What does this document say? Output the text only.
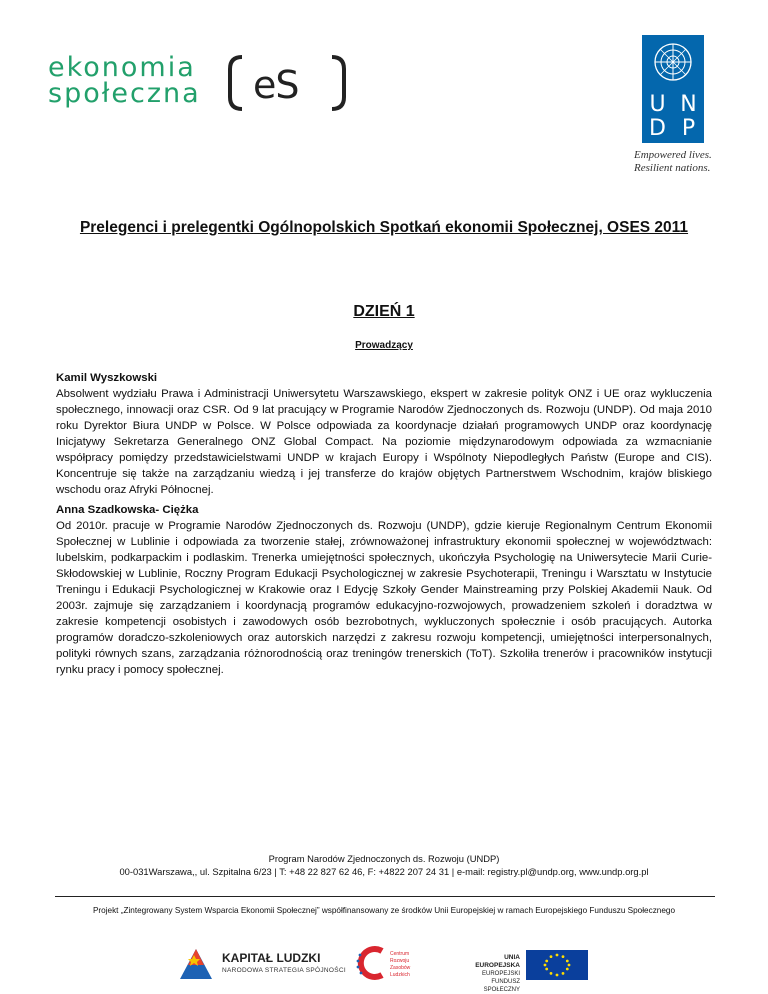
ekonomia
społeczna eS	U N
D P
Empowered lives.
Resilient nations.
Prelegenci i prelegentki Ogólnopolskich Spotkań ekonomii Społecznej, OSES 2011
DZIEŃ 1
Prowadzący
Kamil Wyszkowski
Absolwent wydziału Prawa i Administracji Uniwersytetu Warszawskiego, ekspert w zakresie polityk ONZ i UE oraz wykluczenia społecznego, innowacji oraz CSR. Od 9 lat pracujący w Programie Narodów Zjednoczonych ds. Rozwoju (UNDP). Od maja 2010 roku Dyrektor Biura UNDP w Polsce. W Polsce odpowiada za koordynacje działań programowych UNDP oraz koordynację Inicjatywy Sekretarza Generalnego ONZ Global Compact. Na poziomie międzynarodowym odpowiada za wzmacnianie współpracy pomiędzy przedstawicielstwami UNDP w krajach Europy i Wspólnoty Niepodległych Państw (Europe and CIS). Koncentruje się także na zarządzaniu wiedzą i jej transferze do krajów objętych Partnerstwem Wschodnim, krajów bliskiego wschodu oraz Afryki Północnej.
Anna Szadkowska- Ciężka
Od 2010r. pracuje w Programie Narodów Zjednoczonych ds. Rozwoju (UNDP), gdzie kieruje Regionalnym Centrum Ekonomii Społecznej w Lublinie i odpowiada za tworzenie stałej, zrównoważonej infrastruktury ekonomii społecznej w województwach: lubelskim, podkarpackim i podlaskim. Trenerka umiejętności społecznych, ukończyła Psychologię na Uniwersytecie Marii Curie-Skłodowskiej w Lublinie, Roczny Program Edukacji Psychologicznej w zakresie Psychoterapii, Treningu i Warsztatu w Instytucie Treningu i Edukacji Psychologicznej w Krakowie oraz I Edycję Szkoły Gender Mainstreaming przy Polskiej Akademii Nauk. Od 2003r. zajmuje się zarządzaniem i koordynacją programów edukacyjno-rozwojowych, prowadzeniem szkoleń i doradztwa w zakresie kompetencji osobistych i zawodowych osób bezrobotnych, wykluczonych społecznie i osób pracujących. Autorka programów doradczo-szkoleniowych oraz autorskich narzędzi z zakresu rozwoju kompetencji, umiejętności interpersonalnych, polityki równych szans, zarządzania różnorodnością oraz treningów trenerskich (ToT). Szkoliła trenerów i pracowników instytucji rynku pracy i pomocy społecznej.
Program Narodów Zjednoczonych ds. Rozwoju (UNDP)
00-031Warszawa,, ul. Szpitalna 6/23 | T: +48 22 827 62 46, F: +4822 207 24 31 | e-mail: registry.pl@undp.org, www.undp.org.pl
Projekt „Zintegrowany System Wsparcia Ekonomii Społecznej” współfinansowany ze środków Unii Europejskiej w ramach Europejskiego Funduszu Społecznego
KAPITAŁ LUDZKI
NARODOWA STRATEGIA SPÓJNOŚCI
Centrum
Rozwoju
Zasobów
Ludzkich
UNIA EUROPEJSKA
EUROPEJSKI
FUNDUSZ SPOŁECZNY
